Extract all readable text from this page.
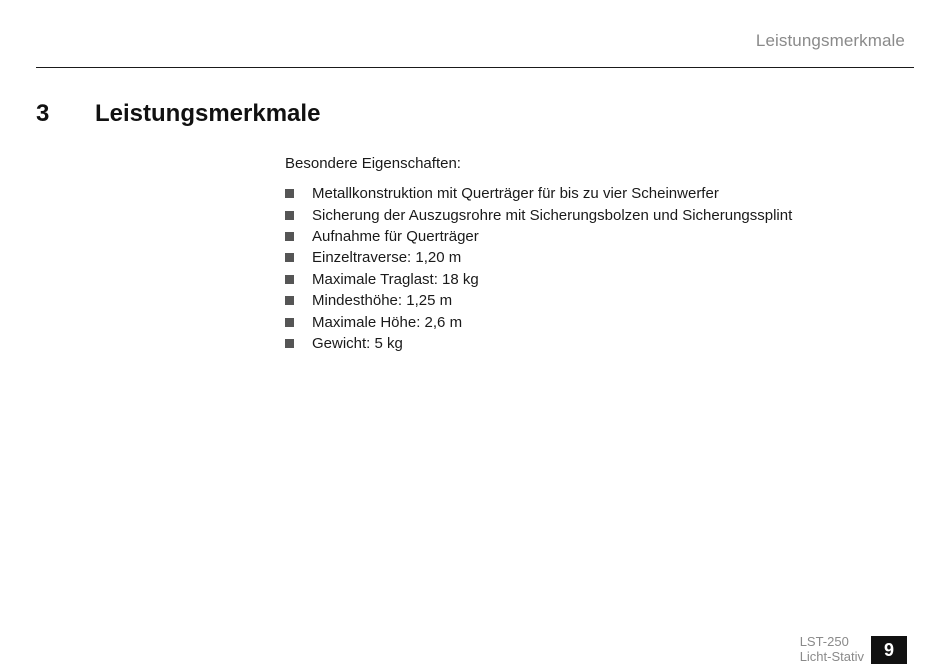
Leistungsmerkmale
3	Leistungsmerkmale

Besondere Eigenschaften:

Metallkonstruktion mit Querträger für bis zu vier Scheinwerfer
Sicherung der Auszugsrohre mit Sicherungsbolzen und Sicherungssplint
Aufnahme für Querträger
Einzeltraverse: 1,20 m
Maximale Traglast: 18 kg
Mindesthöhe: 1,25 m
Maximale Höhe: 2,6 m
Gewicht: 5 kg
LST-250
Licht-Stativ	9
